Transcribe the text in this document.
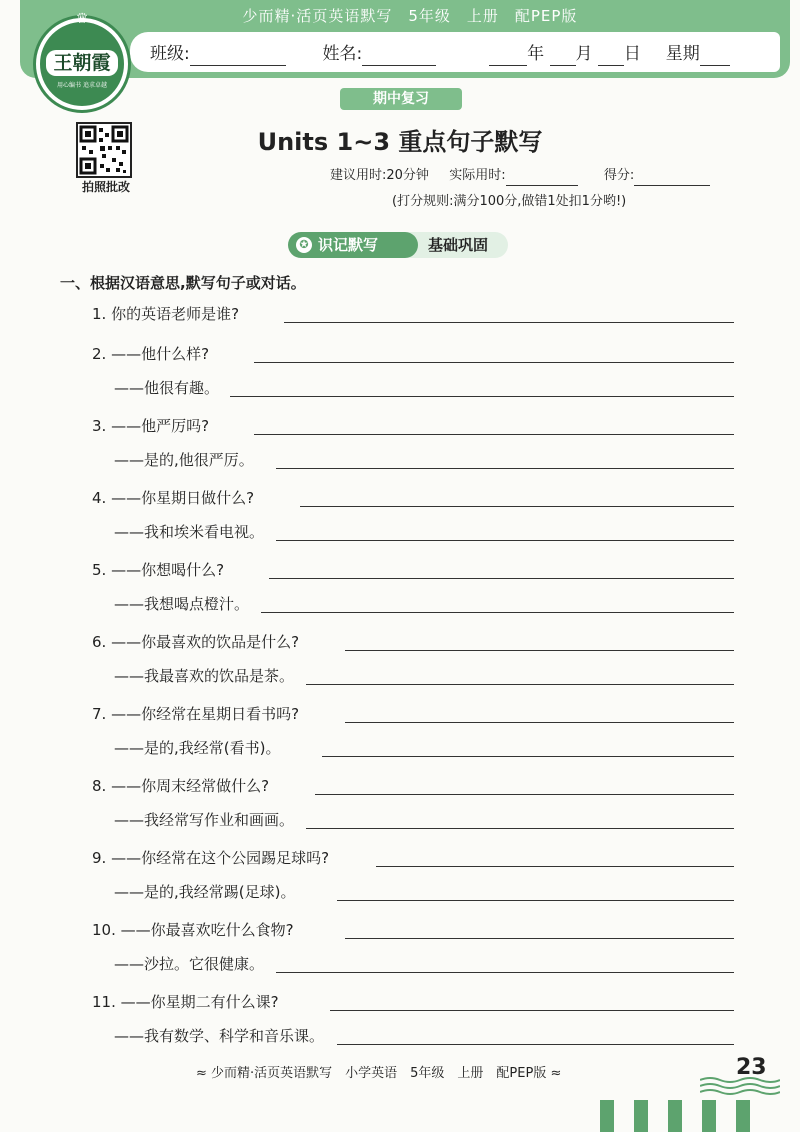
少而精·活页英语默写　5年级　上册　配PEP版
♛
王朝霞
用心编书 追求卓越
班级:	姓名:	年 月 日 星期
期中复习
拍照批改
Units 1~3 重点句子默写
建议用时:20分钟 实际用时:	得分:
(打分规则:满分100分,做错1处扣1分哟!)
基础巩固
✪ 识记默写
一、根据汉语意思,默写句子或对话。
1. 你的英语老师是谁?
2. ——他什么样?
——他很有趣。
3. ——他严厉吗?
——是的,他很严厉。
4. ——你星期日做什么?
——我和埃米看电视。
5. ——你想喝什么?
——我想喝点橙汁。
6. ——你最喜欢的饮品是什么?
——我最喜欢的饮品是茶。
7. ——你经常在星期日看书吗?
——是的,我经常(看书)。
8. ——你周末经常做什么?
——我经常写作业和画画。
9. ——你经常在这个公园踢足球吗?
——是的,我经常踢(足球)。
10. ——你最喜欢吃什么食物?
——沙拉。它很健康。
11. ——你星期二有什么课?
——我有数学、科学和音乐课。
≈ 少而精·活页英语默写　小学英语　5年级　上册　配PEP版 ≈	23
